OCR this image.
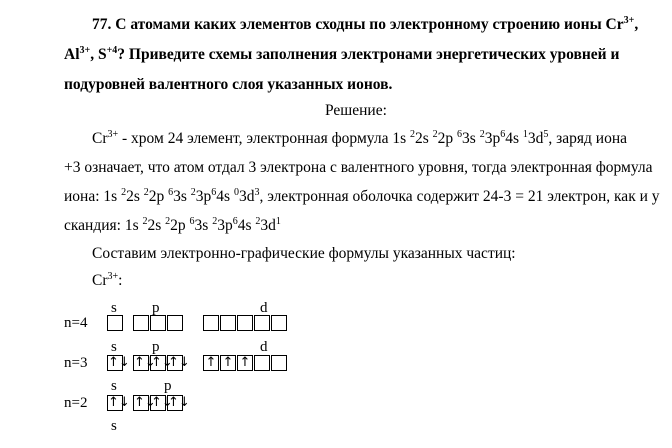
77. С атомами каких элементов сходны по электронному строению ионы $Cr^{3+}$,
$Al^{3+}$, $S^{+4}$? Приведите схемы заполнения электронами энергетических уровней и
подуровней валентного слоя указанных ионов.
Решение:
$Cr^{3+}$ - хром 24 элемент, электронная формула 1s $^2$2s $^2$2p $^6$3s $^23p^64s$ $^13d^5$, заряд иона
+3 означает, что атом отдал 3 электрона с валентного уровня, тогда электронная формула
иона: 1s $^2$2s $^2$2p $^6$3s $^23p^64s$ $^03d^3$, электронная оболочка содержит 24-3 = 21 электрон, как и у
скандия: 1s $^2$2s $^2$2p $^6$3s $^23p^64s$ $^23d^1$
Составим электронно-графические формулы указанных частиц:
$Cr^{3+}$:
n=4
s p	d
n=3
s
↑↓
p
↑↓
↑↓
↑↓
d
↑ ↑ ↑
n=2
s
↑↓
p
↑↓
↑↓
↑↓
s
